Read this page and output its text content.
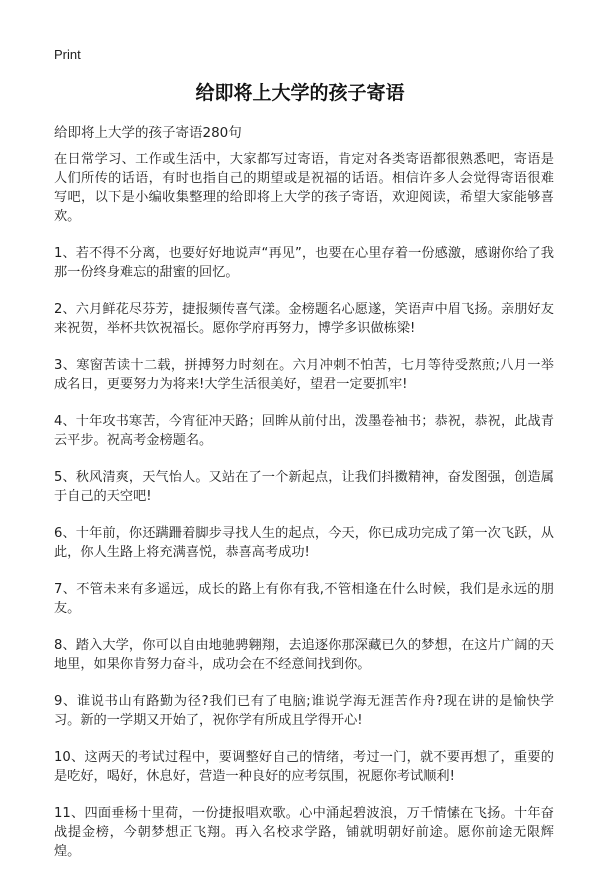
Print
给即将上大学的孩子寄语
给即将上大学的孩子寄语280句

在日常学习、工作或生活中，大家都写过寄语，肯定对各类寄语都很熟悉吧，寄语是人们所传的话语，有时也指自己的期望或是祝福的话语。相信许多人会觉得寄语很难写吧，以下是小编收集整理的给即将上大学的孩子寄语，欢迎阅读，希望大家能够喜欢。

1、若不得不分离，也要好好地说声“再见”，也要在心里存着一份感激，感谢你给了我那一份终身难忘的甜蜜的回忆。

2、六月鲜花尽芬芳，捷报频传喜气漾。金榜题名心愿遂，笑语声中眉飞扬。亲朋好友来祝贺，举杯共饮祝福长。愿你学府再努力，博学多识做栋梁!

3、寒窗苦读十二载，拼搏努力时刻在。六月冲刺不怕苦，七月等待受熬煎;八月一举成名日，更要努力为将来!大学生活很美好，望君一定要抓牢!

4、十年攻书寒苦，今宵征冲天路；回眸从前付出，泼墨卷袖书；恭祝，恭祝，此战青云平步。祝高考金榜题名。

5、秋风清爽，天气怡人。又站在了一个新起点，让我们抖擞精神，奋发图强，创造属于自己的天空吧!

6、十年前，你还蹒跚着脚步寻找人生的起点，今天，你已成功完成了第一次飞跃，从此，你人生路上将充满喜悦，恭喜高考成功!

7、不管未来有多遥远，成长的路上有你有我,不管相逢在什么时候，我们是永远的朋友。

8、踏入大学，你可以自由地驰骋翱翔，去追逐你那深藏已久的梦想，在这片广阔的天地里，如果你肯努力奋斗，成功会在不经意间找到你。

9、谁说书山有路勤为径?我们已有了电脑;谁说学海无涯苦作舟?现在讲的是愉快学习。新的一学期又开始了，祝你学有所成且学得开心!

10、这两天的考试过程中，要调整好自己的情绪，考过一门，就不要再想了，重要的是吃好，喝好，休息好，营造一种良好的应考氛围，祝愿你考试顺利!

11、四面垂杨十里荷，一份捷报唱欢歌。心中涌起碧波浪，万千情愫在飞扬。十年奋战提金榜，今朝梦想正飞翔。再入名校求学路，铺就明朝好前途。愿你前途无限辉煌。
